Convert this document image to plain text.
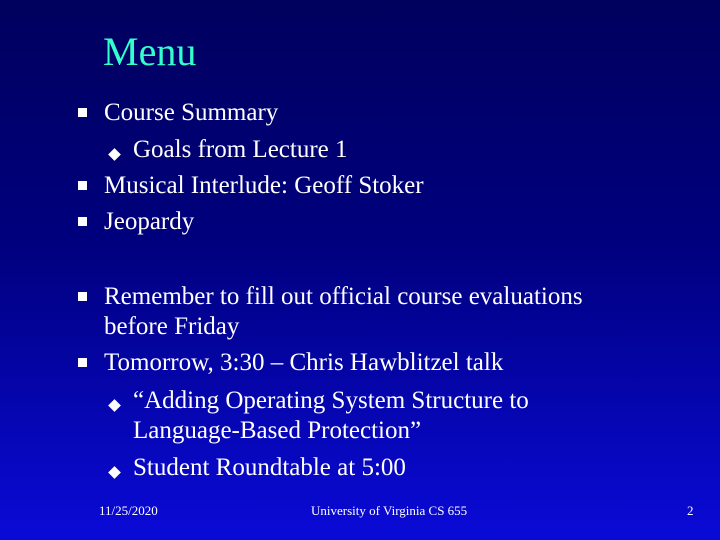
Menu
Course Summary
Goals from Lecture 1
Musical Interlude: Geoff Stoker
Jeopardy
Remember to fill out official course evaluations
before Friday
Tomorrow, 3:30 – Chris Hawblitzel talk
“Adding Operating System Structure to
Language-Based Protection”
Student Roundtable at 5:00
11/25/2020	University of Virginia CS 655	2
